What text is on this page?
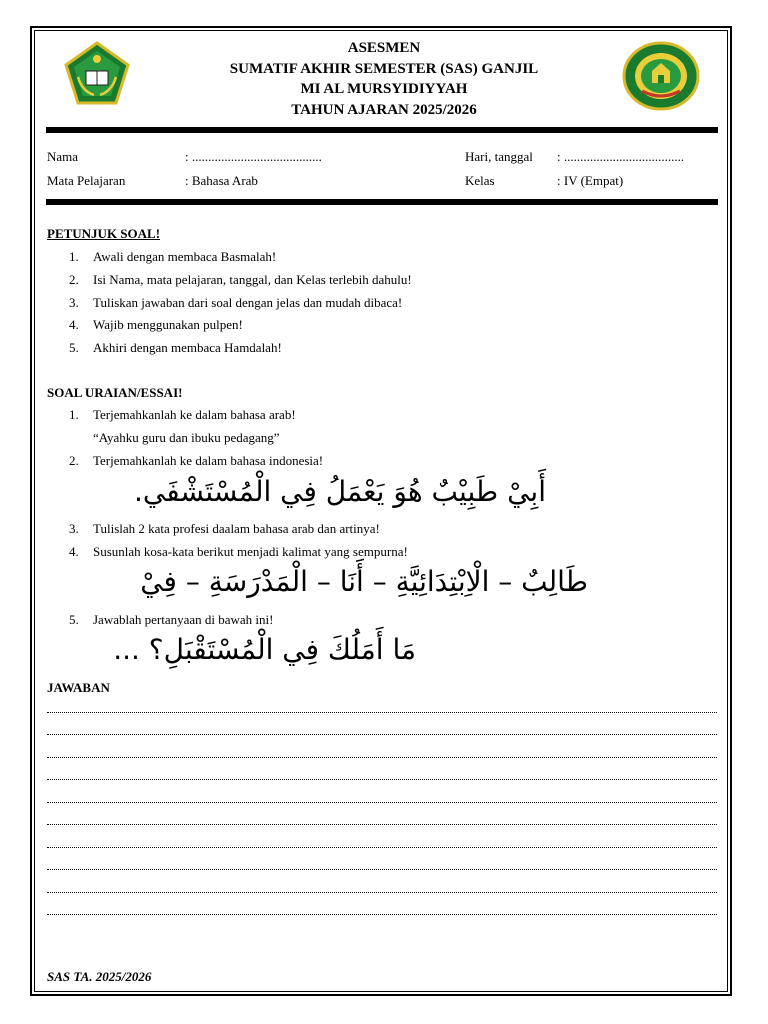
ASESMEN
SUMATIF AKHIR SEMESTER (SAS) GANJIL
MI AL MURSYIDIYYAH
TAHUN AJARAN 2025/2026
Nama	: ........................................	Hari, tanggal : .....................................
Mata Pelajaran	: Bahasa Arab	Kelas	: IV (Empat)
PETUNJUK SOAL!
1. Awali dengan membaca Basmalah!
2. Isi Nama, mata pelajaran, tanggal, dan Kelas terlebih dahulu!
3. Tuliskan jawaban dari soal dengan jelas dan mudah dibaca!
4. Wajib menggunakan pulpen!
5. Akhiri dengan membaca Hamdalah!
SOAL URAIAN/ESSAI!
1. Terjemahkanlah ke dalam bahasa arab!
“Ayahku guru dan ibuku pedagang”
2. Terjemahkanlah ke dalam bahasa indonesia!
أَبِيْ طَبِيْبٌ هُوَ يَعْمَلُ فِي الْمُسْتَشْفَي.
3. Tulislah 2 kata profesi daalam bahasa arab dan artinya!
4. Susunlah kosa-kata berikut menjadi kalimat yang sempurna!
طَالِبٌ – الْاِبْتِدَائِيَّةِ – أَنَا – الْمَدْرَسَةِ – فِيْ
5. Jawablah pertanyaan di bawah ini!
مَا أَمَلُكَ فِي الْمُسْتَقْبَلِ؟ ...
JAWABAN
SAS TA. 2025/2026
